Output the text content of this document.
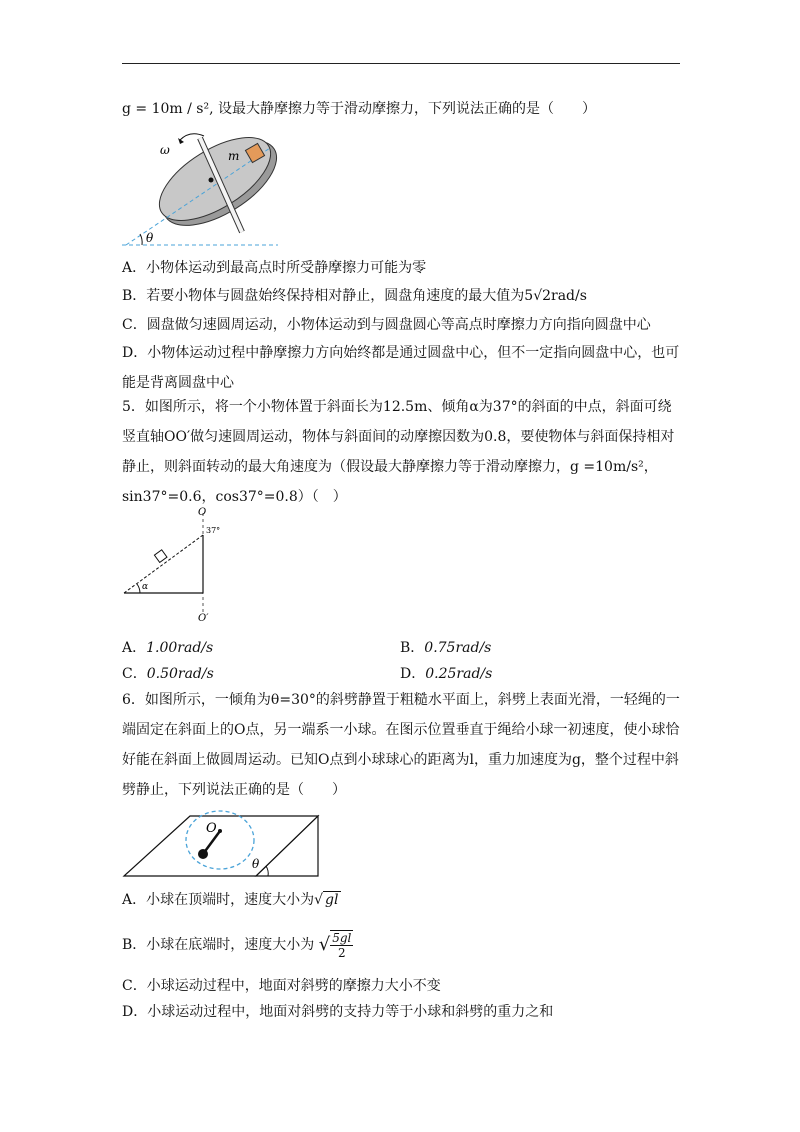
g = 10m / s², 设最大静摩擦力等于滑动摩擦力，下列说法正确的是（　　）
ω	m
θ
A．小物体运动到最高点时所受静摩擦力可能为零
B．若要小物体与圆盘始终保持相对静止，圆盘角速度的最大值为5√2rad/s
C．圆盘做匀速圆周运动，小物体运动到与圆盘圆心等高点时摩擦力方向指向圆盘中心
D．小物体运动过程中静摩擦力方向始终都是通过圆盘中心，但不一定指向圆盘中心，也可能是背离圆盘中心
5．如图所示，将一个小物体置于斜面长为12.5m、倾角α为37°的斜面的中点，斜面可绕竖直轴OO′做匀速圆周运动，物体与斜面间的动摩擦因数为0.8，要使物体与斜面保持相对静止，则斜面转动的最大角速度为（假设最大静摩擦力等于滑动摩擦力，g =10m/s²，sin37°=0.6，cos37°=0.8）（　）
α
O
O′
37°
A．1.00rad/s	B．0.75rad/s
C．0.50rad/s	D．0.25rad/s
6．如图所示，一倾角为θ=30°的斜劈静置于粗糙水平面上，斜劈上表面光滑，一轻绳的一端固定在斜面上的O点，另一端系一小球。在图示位置垂直于绳给小球一初速度，使小球恰好能在斜面上做圆周运动。已知O点到小球球心的距离为l，重力加速度为g，整个过程中斜劈静止，下列说法正确的是（　　）
O
θ
A．小球在顶端时，速度大小为√ gl
B．小球在底端时，速度大小为 √ $\frac{5gl}{2}$
C．小球运动过程中，地面对斜劈的摩擦力大小不变
D．小球运动过程中，地面对斜劈的支持力等于小球和斜劈的重力之和
